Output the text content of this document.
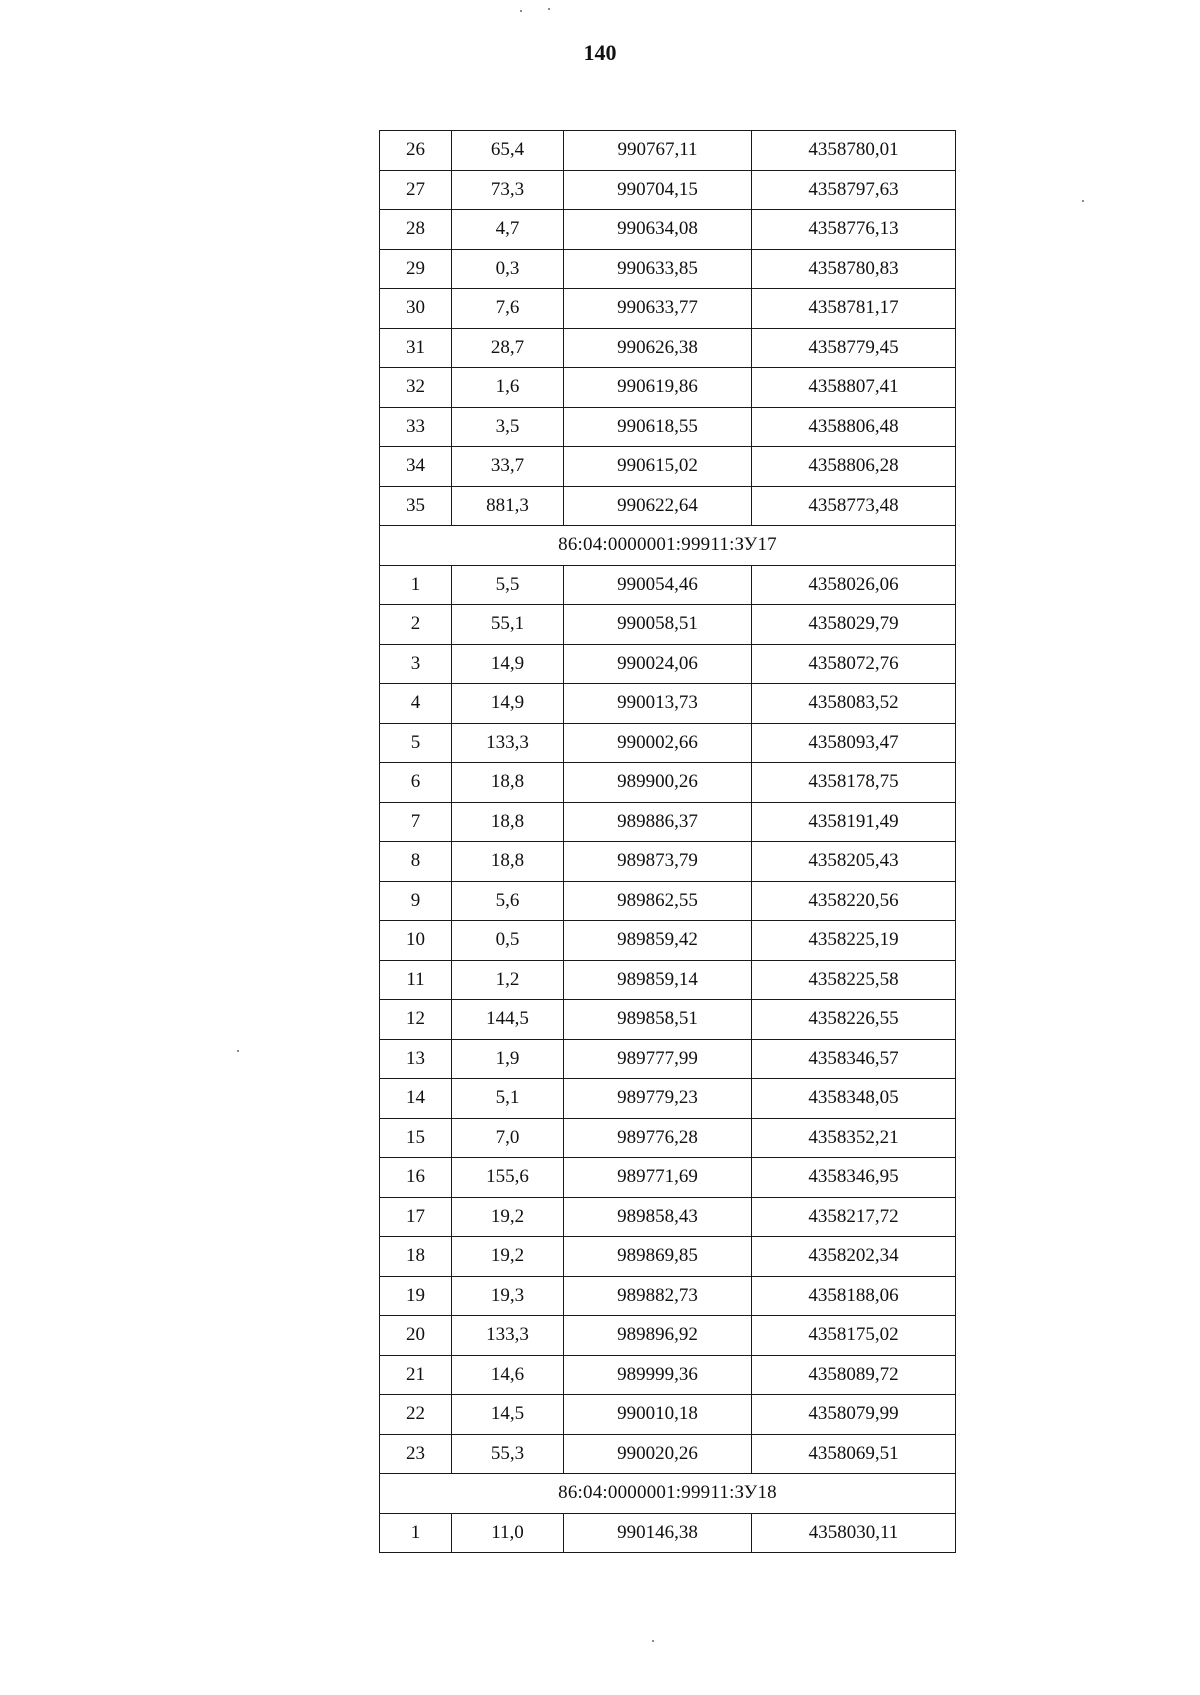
140
26	65,4	990767,11	4358780,01
27	73,3	990704,15	4358797,63
28	4,7	990634,08	4358776,13
29	0,3	990633,85	4358780,83
30	7,6	990633,77	4358781,17
31	28,7	990626,38	4358779,45
32	1,6	990619,86	4358807,41
33	3,5	990618,55	4358806,48
34	33,7	990615,02	4358806,28
35	881,3	990622,64	4358773,48
86:04:0000001:99911:ЗУ17			
1	5,5	990054,46	4358026,06
2	55,1	990058,51	4358029,79
3	14,9	990024,06	4358072,76
4	14,9	990013,73	4358083,52
5	133,3	990002,66	4358093,47
6	18,8	989900,26	4358178,75
7	18,8	989886,37	4358191,49
8	18,8	989873,79	4358205,43
9	5,6	989862,55	4358220,56
10	0,5	989859,42	4358225,19
11	1,2	989859,14	4358225,58
12	144,5	989858,51	4358226,55
13	1,9	989777,99	4358346,57
14	5,1	989779,23	4358348,05
15	7,0	989776,28	4358352,21
16	155,6	989771,69	4358346,95
17	19,2	989858,43	4358217,72
18	19,2	989869,85	4358202,34
19	19,3	989882,73	4358188,06
20	133,3	989896,92	4358175,02
21	14,6	989999,36	4358089,72
22	14,5	990010,18	4358079,99
23	55,3	990020,26	4358069,51
86:04:0000001:99911:ЗУ18			
1	11,0	990146,38	4358030,11
